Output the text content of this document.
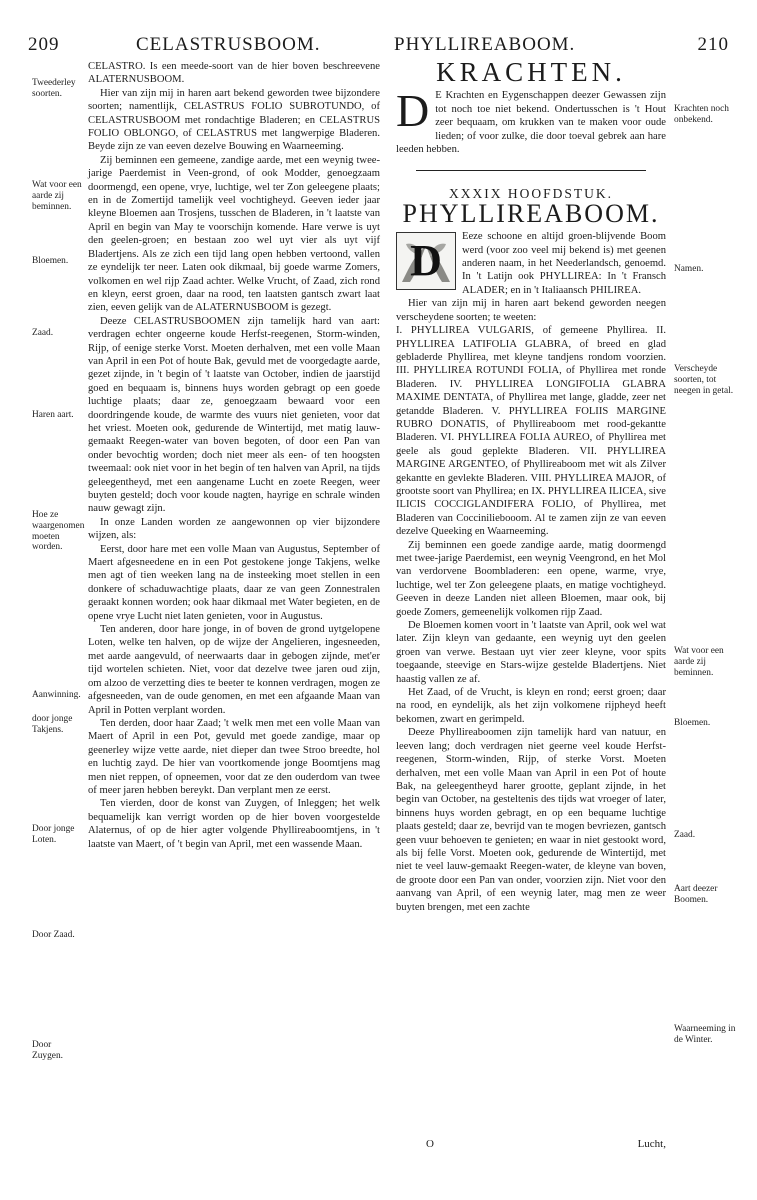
209	CELASTRUSBOOM.	PHYLLIREABOOM.	210

CELASTRO. Is een meede-soort van de hier boven beschreevene ALATERNUSBOOM.

Hier van zijn mij in haren aart bekend geworden twee bijzondere soorten; namentlijk, CELASTRUS FOLIO SUBROTUNDO, of CELASTRUSBOOM met rondachtige Bladeren; en CELASTRUS FOLIO OBLONGO, of CELASTRUS met langwerpige Bladeren. Beyde zijn ze van eeven dezelve Bouwing en Waarneeming.

Zij beminnen een gemeene, zandige aarde, met een weynig twee-jarige Paerdemist in Veen-grond, of ook Modder, genoegzaam doormengd, een opene, vrye, luchtige, wel ter Zon geleegene plaats; en in de Zomertijd tamelijk veel vochtigheyd. Geeven ieder jaar kleyne Bloemen aan Trosjens, tusschen de Bladeren, in 't laatste van April en begin van May te voorschijn komende. Hare verwe is uyt den geelen-groen; en bestaan zoo wel uyt vier als uyt vijf Bladertjens. Als ze zich een tijd lang open hebben vertoond, vallen ze eyndelijk ter neer. Laten ook dikmaal, bij goede warme Zomers, volkomen en wel rijp Zaad achter. Welke Vrucht, of Zaad, zich rond en kleyn, eerst groen, daar na rood, ten laatsten gantsch zwart laat zien, eeven gelijk van de ALATERNUSBOOM is gezegt.

Deeze CELASTRUSBOOMEN zijn tamelijk hard van aart: verdragen echter ongeerne koude Herfst-reegenen, Storm-winden, Rijp, of eenige sterke Vorst. Moeten derhalven, met een volle Maan van April in een Pot of houte Bak, gevuld met de voorgedagte aarde, gezet zijnde, in 't begin of 't laatste van October, indien de jaarstijd goed en bequaam is, binnens huys worden gebragt op een goede luchtige plaats; daar ze, genoegzaam bewaard voor een doordringende koude, de warmte des vuurs niet genieten, voor dat het vriest. Moeten ook, gedurende de Wintertijd, met matig lauw-gemaakt Reegen-water van boven begoten, of door een Pan van onder bevochtig worden; doch niet meer als een- of ten hoogsten tweemaal: ook niet voor in het begin of ten halven van April, na tijds geleegentheyd, met een aangename Lucht en zoete Reegen, weer buyten gesteld; doch voor koude nagten, hayrige en schrale winden nauw gewagt zijn.

In onze Landen worden ze aangewonnen op vier bijzondere wijzen, als:

Eerst, door hare met een volle Maan van Augustus, September of Maert afgesneedene en in een Pot gestokene jonge Takjens, welke men agt of tien weeken lang na de insteeking moet stellen in een donkere of schaduwachtige plaats, daar ze van geen Zonnestralen geraakt konnen worden; ook haar dikmaal met Water begieten, en de opene vrye Lucht niet laten genieten, voor in Augustus.

Ten anderen, door hare jonge, in of boven de grond uytgelopene Loten, welke ten halven, op de wijze der Angelieren, ingesneeden, met aarde aangevuld, of neerwaarts daar in gebogen zijnde, met'er tijd wortelen schieten. Niet, voor dat dezelve twee jaren oud zijn, om alzoo de verzetting dies te beeter te konnen verdragen, mogen ze afgesneeden, van de oude genomen, en met een afgaande Maan van April in Potten verplant worden.

Ten derden, door haar Zaad; 't welk men met een volle Maan van Maert of April in een Pot, gevuld met goede zandige, maar op geenerley wijze vette aarde, niet dieper dan twee Stroo breedte, hol en luchtig zayd. De hier van voortkomende jonge Boomtjens mag men niet reppen, of opneemen, voor dat ze den ouderdom van twee of meer jaren hebben bereykt. Dan verplant men ze eerst.

Ten vierden, door de konst van Zuygen, of Inleggen; het welk bequamelijk kan verrigt worden op de hier boven voorgestelde Alaternus, of op de hier agter volgende Phyllireaboomtjens, in 't laatste van Maert, of 't begin van April, met een wassende Maan.

KRACHTEN.

D E Krachten en Eygenschappen deezer Gewassen zijn tot noch toe niet bekend. Ondertusschen is 't Hout zeer bequaam, om krukken van te maken voor oude lieden; of voor zulke, die door toeval gebrek aan hare leeden hebben.

XXXIX HOOFDSTUK.
PHYLLIREABOOM.

D	Eeze schoone en altijd groen-blijvende Boom werd (voor zoo veel mij bekend is) met geenen anderen naam, in het Neederlandsch, genoemd. In 't Latijn ook PHYLLIREA: In 't Fransch ALADER; en in 't Italiaansch PHILIREA.

Hier van zijn mij in haren aart bekend geworden neegen verscheydene soorten; te weeten:

I. PHYLLIREA VULGARIS, of gemeene Phyllirea. II. PHYLLIREA LATIFOLIA GLABRA, of breed en glad gebladerde Phyllirea, met kleyne tandjens rondom voorzien. III. PHYLLIREA ROTUNDI FOLIA, of Phyllirea met ronde Bladeren. IV. PHYLLIREA LONGIFOLIA GLABRA MAXIME DENTATA, of Phyllirea met lange, gladde, zeer net getandde Bladeren. V. PHYLLIREA FOLIIS MARGINE RUBRO DONATIS, of Phyllireaboom met rood-gekantte Bladeren. VI. PHYLLIREA FOLIA AUREO, of Phyllirea met geele als goud geplekte Bladeren. VII. PHYLLIREA MARGINE ARGENTEO, of Phyllireaboom met wit als Zilver gekantte en gevlekte Bladeren. VIII. PHYLLIREA MAJOR, of grootste soort van Phyllirea; en IX. PHYLLIREA ILICEA, sive ILICIS COCCIGLANDIFERA FOLIO, of Phyllirea, met Bladeren van Cocciniliebooom. Al te zamen zijn ze van eeven dezelve Queeking en Waarneeming.

Zij beminnen een goede zandige aarde, matig doormengd met twee-jarige Paerdemist, een weynig Veengrond, en het Mol van verdorvene Boombladeren: een opene, warme, vrye, luchtige, wel ter Zon geleegene plaats, en matige vochtigheyd. Geeven in deeze Landen niet alleen Bloemen, maar ook, bij goede Zomers, gemeenelijk volkomen rijp Zaad.

De Bloemen komen voort in 't laatste van April, ook wel wat later. Zijn kleyn van gedaante, een weynig uyt den geelen groen van verwe. Bestaan uyt vier zeer kleyne, voor spits toegaande, steevige en Stars-wijze gestelde Bladertjens. Niet haastig vallen ze af.

Het Zaad, of de Vrucht, is kleyn en rond; eerst groen; daar na rood, en eyndelijk, als het zijn volkomene rijpheyd heeft bekomen, zwart en gerimpeld.

Deeze Phyllireaboomen zijn tamelijk hard van natuur, en leeven lang; doch verdragen niet geerne veel koude Herfst-reegenen, Storm-winden, Rijp, of sterke Vorst. Moeten derhalven, met een volle Maan van April in een Pot of houte Bak, na geleegentheyd harer grootte, geplant zijnde, in het begin van October, na gesteltenis des tijds wat vroeger of later, binnens huys worden gebragt, en op een bequame luchtige plaats gesteld; daar ze, bevrijd van te mogen bevriezen, gantsch geen vuur behoeven te genieten; en waar in niet gestookt word, als bij felle Vorst. Moeten ook, gedurende de Wintertijd, met niet te veel lauw-gemaakt Reegen-water, de kleyne van boven, de groote door een Pan van onder, voorzien zijn. Niet voor den aanvang van April, of een weynig later, mag men ze weer buyten brengen, met een zachte

Tweederley soorten.
Wat voor een aarde zij beminnen.
Bloemen.
Zaad.
Haren aart.
Hoe ze waargenomen moeten worden.
Aanwinning.
door jonge Takjens.
Door jonge Loten.
Door Zaad.
Door Zuygen.
Krachten noch onbekend.
Namen.
Verscheyde soorten, tot neegen in getal.
Wat voor een aarde zij beminnen.
Bloemen.
Zaad.
Aart deezer Boomen.
Waarneeming in de Winter.
O	Lucht,
